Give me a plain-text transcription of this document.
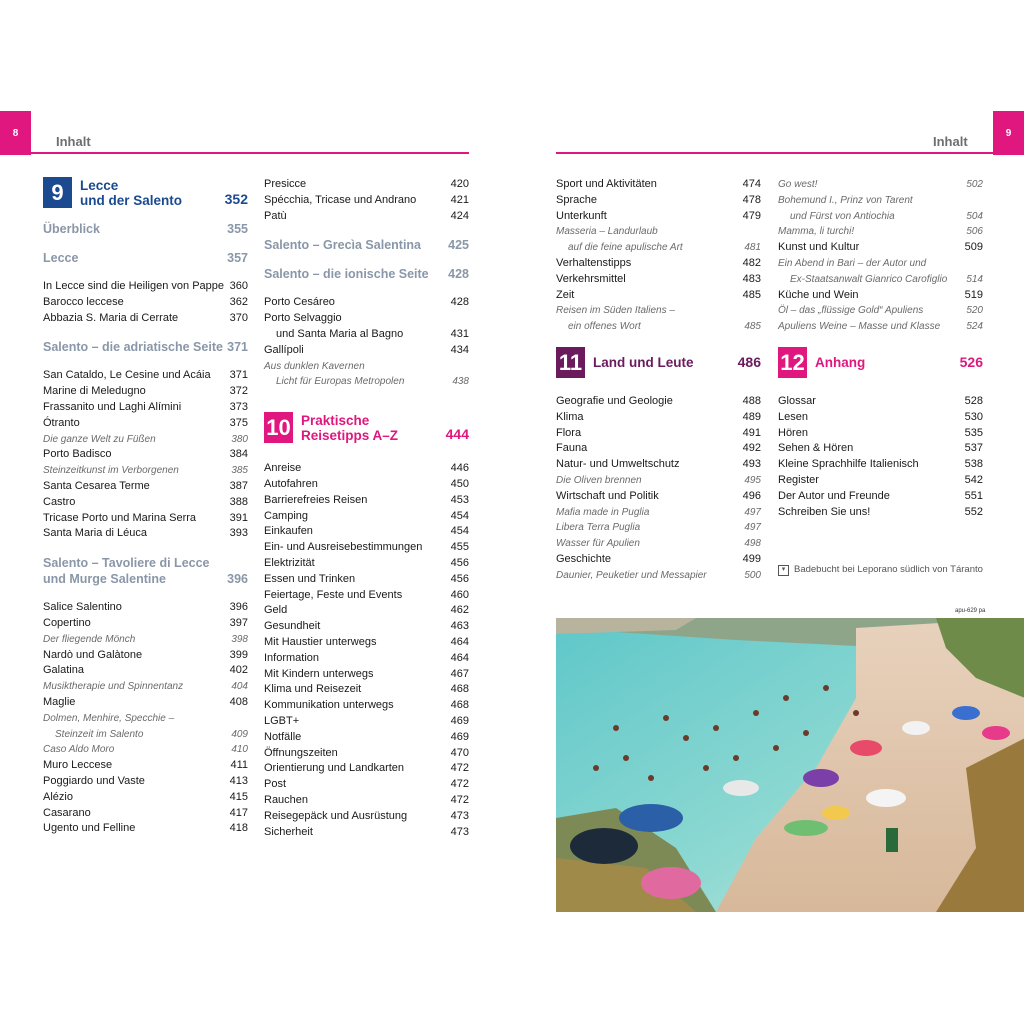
8
Inhalt
9
Inhalt
9	Lecce
und der Salento	352
Überblick	355
Lecce	357
In Lecce sind die Heiligen von Pappe 360
Barocco leccese	362
Abbazia S. Maria di Cerrate	370
Salento – die adriatische Seite 371
San Cataldo, Le Cesine und Acáia	371
Marine di Meledugno	372
Frassanito und Laghi Alímini	373
Ótranto	375
Die ganze Welt zu Füßen	380
Porto Badisco	384
Steinzeitkunst im Verborgenen	385
Santa Cesarea Terme	387
Castro	388
Tricase Porto und Marina Serra	391
Santa Maria di Léuca	393
Salento – Tavoliere di Lecce
und Murge Salentine	396
Salice Salentino	396
Copertino	397
Der fliegende Mönch	398
Nardò und Galàtone	399
Galatina	402
Musiktherapie und Spinnentanz	404
Maglie	408
Dolmen, Menhire, Specchie –
Steinzeit im Salento	409
Caso Aldo Moro	410
Muro Leccese	411
Poggiardo und Vaste	413
Alézio	415
Casarano	417
Ugento und Felline	418
Presicce	420
Spécchia, Tricase und Andrano	421
Patù	424
Salento – Grecìa Salentina 425
Salento – die ionische Seite 428
Porto Cesáreo	428
Porto Selvaggio
und Santa Maria al Bagno	431
Gallípoli	434
Aus dunklen Kavernen
Licht für Europas Metropolen	438
10 Praktische
Reisetipps A–Z	444
Anreise	446
Autofahren	450
Barrierefreies Reisen	453
Camping	454
Einkaufen	454
Ein- und Ausreisebestimmungen	455
Elektrizität	456
Essen und Trinken	456
Feiertage, Feste und Events	460
Geld	462
Gesundheit	463
Mit Haustier unterwegs	464
Information	464
Mit Kindern unterwegs	467
Klima und Reisezeit	468
Kommunikation unterwegs	468
LGBT+	469
Notfälle	469
Öffnungszeiten	470
Orientierung und Landkarten	472
Post	472
Rauchen	472
Reisegepäck und Ausrüstung	473
Sicherheit	473
Sport und Aktivitäten	474
Sprache	478
Unterkunft	479
Masseria – Landurlaub
auf die feine apulische Art	481
Verhaltenstipps	482
Verkehrsmittel	483
Zeit	485
Reisen im Süden Italiens –
ein offenes Wort	485
11 Land und Leute	486
Geografie und Geologie	488
Klima	489
Flora	491
Fauna	492
Natur- und Umweltschutz	493
Die Oliven brennen	495
Wirtschaft und Politik	496
Mafia made in Puglia	497
Libera Terra Puglia	497
Wasser für Apulien	498
Geschichte	499
Daunier, Peuketier und Messapier	500
Go west!	502
Bohemund I., Prinz von Tarent
und Fürst von Antiochia	504
Mamma, li turchi!	506
Kunst und Kultur	509
Ein Abend in Bari – der Autor und
Ex-Staatsanwalt Gianrico Carofiglio	514
Küche und Wein	519
Öl – das „flüssige Gold“ Apuliens	520
Apuliens Weine – Masse und Klasse	524
12 Anhang	526
Glossar	528
Lesen	530
Hören	535
Sehen & Hören	537
Kleine Sprachhilfe Italienisch	538
Register	542
Der Autor und Freunde	551
Schreiben Sie uns!	552
▾ Badebucht bei Leporano südlich von Táranto
apu-629 pa
